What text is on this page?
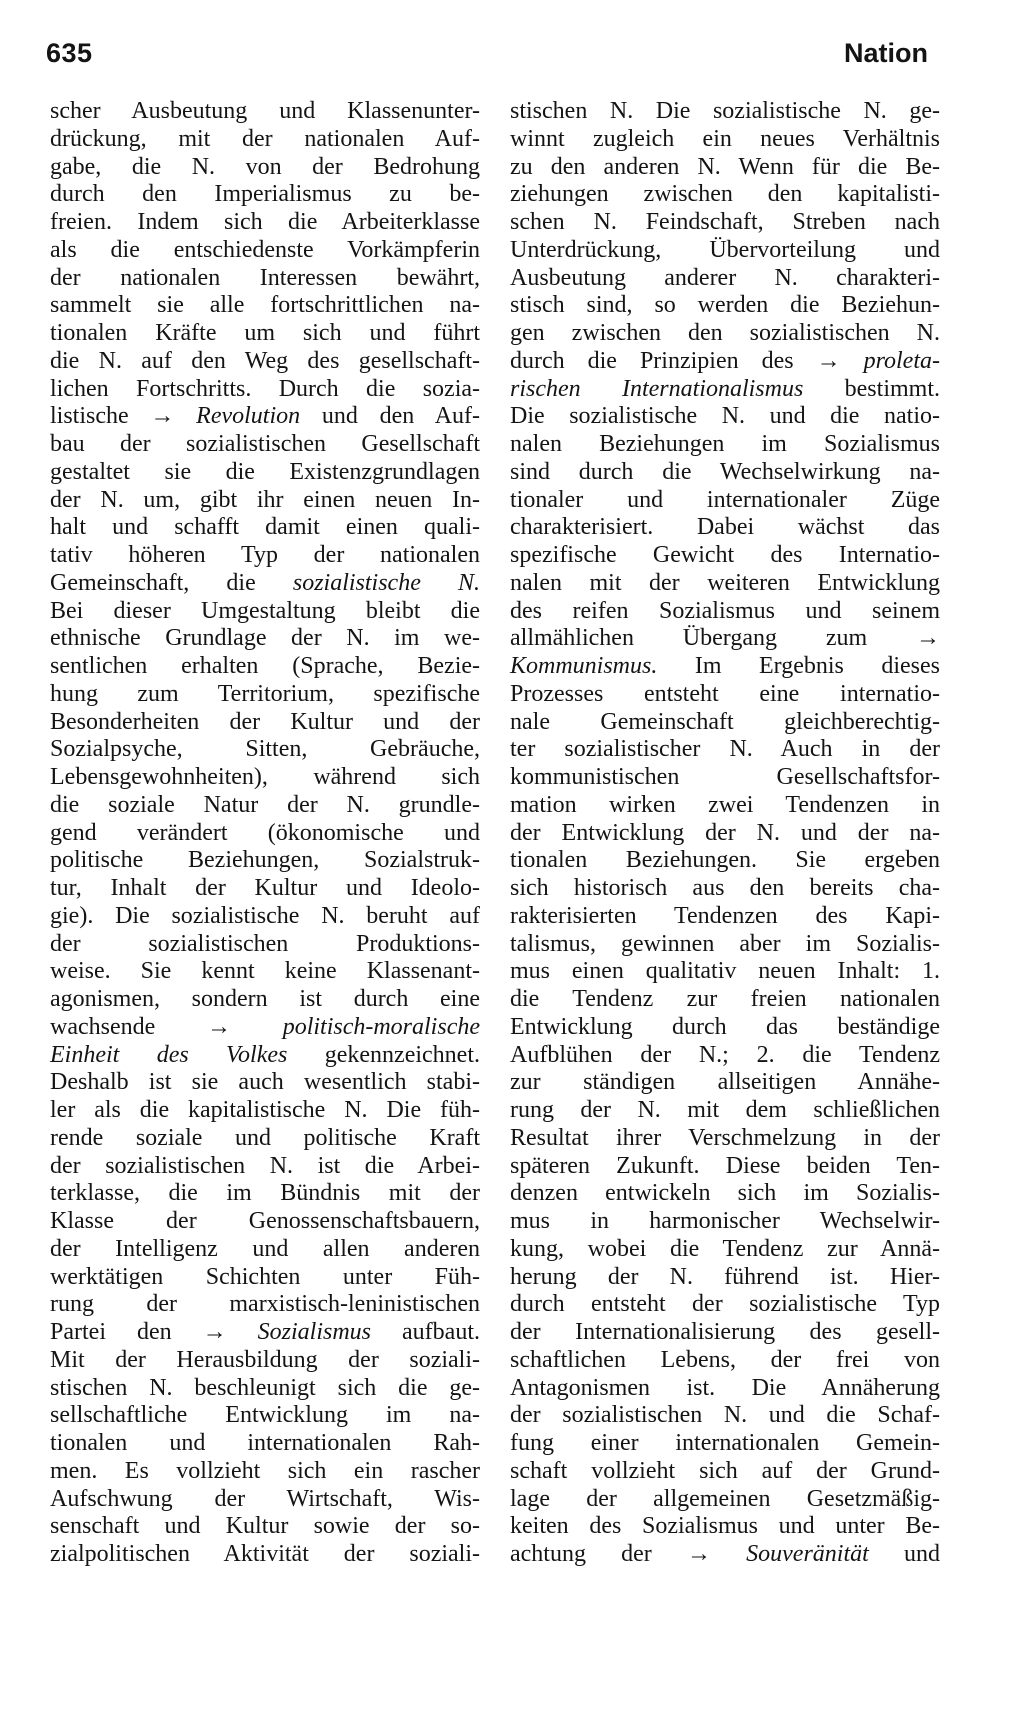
635	Nation
scher Ausbeutung und Klassenunter-
drückung, mit der nationalen Auf-
gabe, die N. von der Bedrohung
durch den Imperialismus zu be-
freien. Indem sich die Arbeiterklasse
als die entschiedenste Vorkämpferin
der nationalen Interessen bewährt,
sammelt sie alle fortschrittlichen na-
tionalen Kräfte um sich und führt
die N. auf den Weg des gesellschaft-
lichen Fortschritts. Durch die sozia-
listische → Revolution und den Auf-
bau der sozialistischen Gesellschaft
gestaltet sie die Existenzgrundlagen
der N. um, gibt ihr einen neuen In-
halt und schafft damit einen quali-
tativ höheren Typ der nationalen
Gemeinschaft, die sozialistische N.
Bei dieser Umgestaltung bleibt die
ethnische Grundlage der N. im we-
sentlichen erhalten (Sprache, Bezie-
hung zum Territorium, spezifische
Besonderheiten der Kultur und der
Sozialpsyche, Sitten, Gebräuche,
Lebensgewohnheiten), während sich
die soziale Natur der N. grundle-
gend verändert (ökonomische und
politische Beziehungen, Sozialstruk-
tur, Inhalt der Kultur und Ideolo-
gie). Die sozialistische N. beruht auf
der sozialistischen Produktions-
weise. Sie kennt keine Klassenant-
agonismen, sondern ist durch eine
wachsende → politisch-moralische
Einheit des Volkes gekennzeichnet.
Deshalb ist sie auch wesentlich stabi-
ler als die kapitalistische N. Die füh-
rende soziale und politische Kraft
der sozialistischen N. ist die Arbei-
terklasse, die im Bündnis mit der
Klasse der Genossenschaftsbauern,
der Intelligenz und allen anderen
werktätigen Schichten unter Füh-
rung der marxistisch-leninistischen
Partei den → Sozialismus aufbaut.
Mit der Herausbildung der soziali-
stischen N. beschleunigt sich die ge-
sellschaftliche Entwicklung im na-
tionalen und internationalen Rah-
men. Es vollzieht sich ein rascher
Aufschwung der Wirtschaft, Wis-
senschaft und Kultur sowie der so-
zialpolitischen Aktivität der soziali-
stischen N. Die sozialistische N. ge-
winnt zugleich ein neues Verhältnis
zu den anderen N. Wenn für die Be-
ziehungen zwischen den kapitalisti-
schen N. Feindschaft, Streben nach
Unterdrückung, Übervorteilung und
Ausbeutung anderer N. charakteri-
stisch sind, so werden die Beziehun-
gen zwischen den sozialistischen N.
durch die Prinzipien des → proleta-
rischen Internationalismus bestimmt.
Die sozialistische N. und die natio-
nalen Beziehungen im Sozialismus
sind durch die Wechselwirkung na-
tionaler und internationaler Züge
charakterisiert. Dabei wächst das
spezifische Gewicht des Internatio-
nalen mit der weiteren Entwicklung
des reifen Sozialismus und seinem
allmählichen Übergang zum →
Kommunismus. Im Ergebnis dieses
Prozesses entsteht eine internatio-
nale Gemeinschaft gleichberechtig-
ter sozialistischer N. Auch in der
kommunistischen Gesellschaftsfor-
mation wirken zwei Tendenzen in
der Entwicklung der N. und der na-
tionalen Beziehungen. Sie ergeben
sich historisch aus den bereits cha-
rakterisierten Tendenzen des Kapi-
talismus, gewinnen aber im Sozialis-
mus einen qualitativ neuen Inhalt: 1.
die Tendenz zur freien nationalen
Entwicklung durch das beständige
Aufblühen der N.; 2. die Tendenz
zur ständigen allseitigen Annähe-
rung der N. mit dem schließlichen
Resultat ihrer Verschmelzung in der
späteren Zukunft. Diese beiden Ten-
denzen entwickeln sich im Sozialis-
mus in harmonischer Wechselwir-
kung, wobei die Tendenz zur Annä-
herung der N. führend ist. Hier-
durch entsteht der sozialistische Typ
der Internationalisierung des gesell-
schaftlichen Lebens, der frei von
Antagonismen ist. Die Annäherung
der sozialistischen N. und die Schaf-
fung einer internationalen Gemein-
schaft vollzieht sich auf der Grund-
lage der allgemeinen Gesetzmäßig-
keiten des Sozialismus und unter Be-
achtung der → Souveränität und
